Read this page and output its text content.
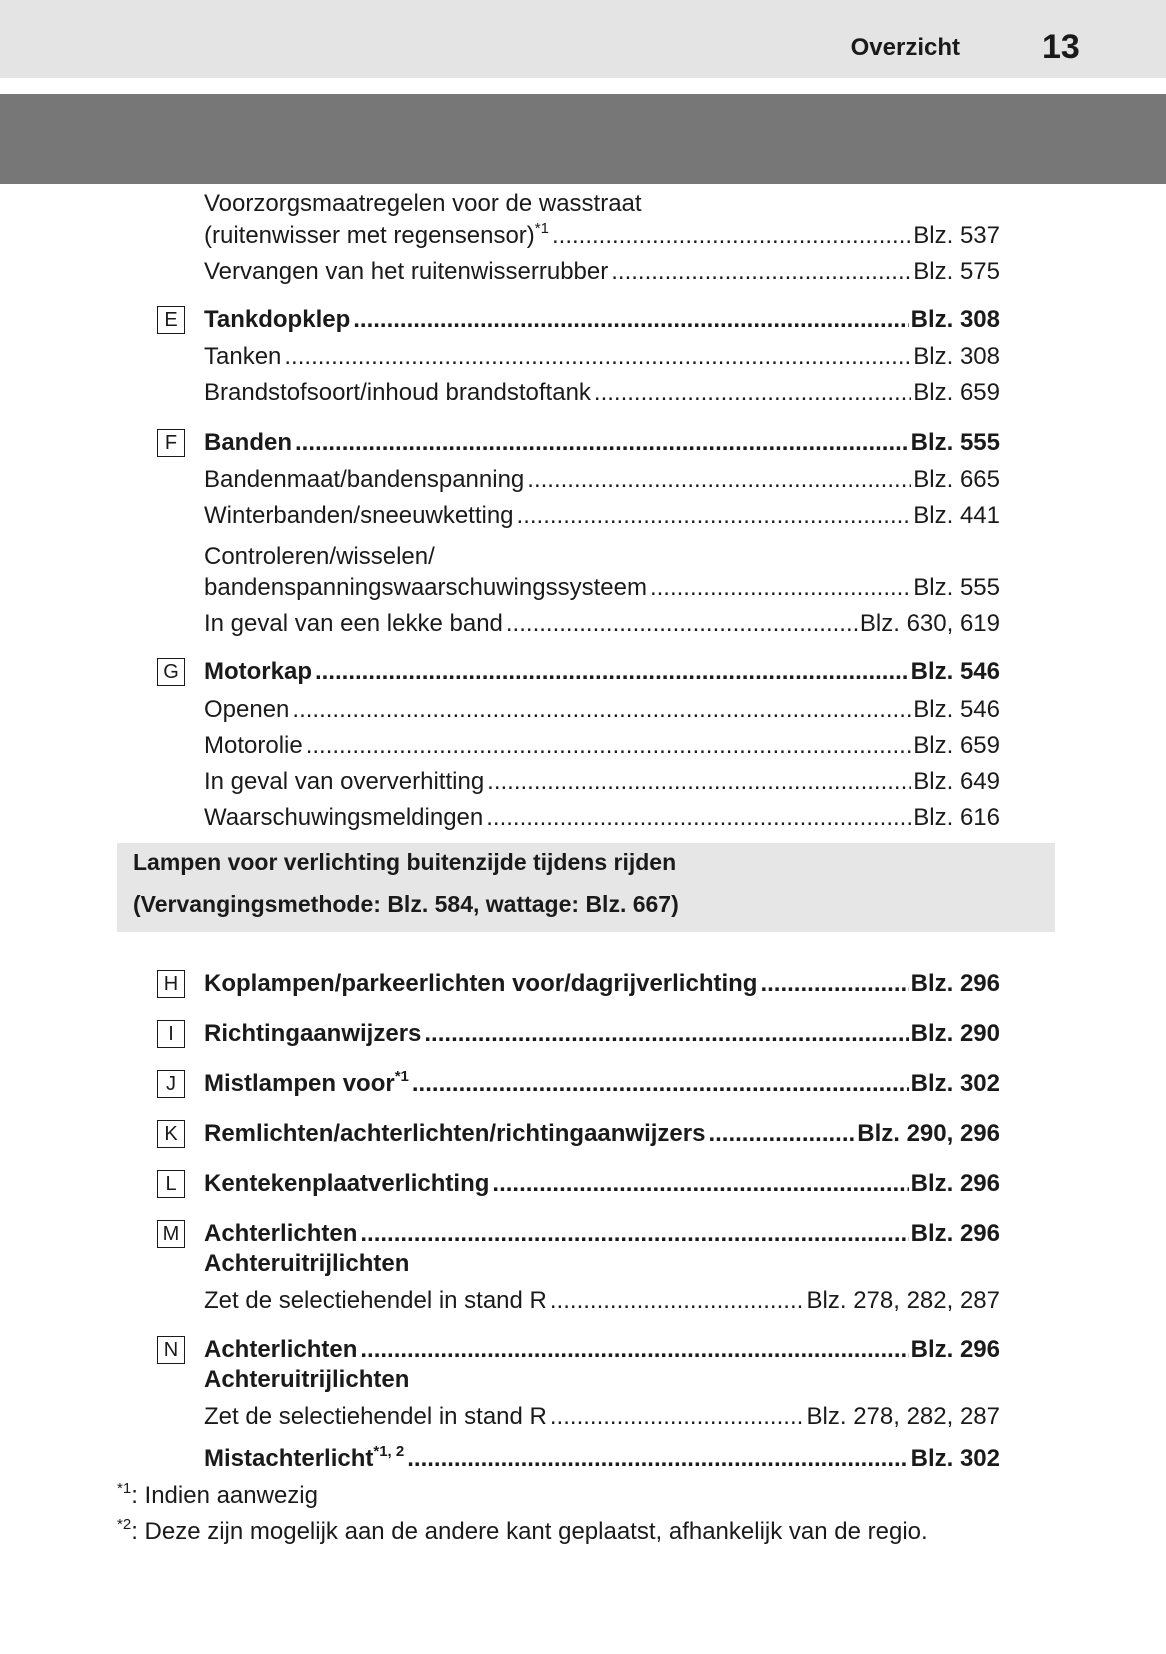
Overzicht 13
Voorzorgsmaatregelen voor de wasstraat
(ruitenwisser met regensensor)$^{*1}$ .....	Blz. 537
Vervangen van het ruitenwisserrubber .....	Blz. 575
E	Tankdopklep .....	Blz. 308
Tanken .....	Blz. 308
Brandstofsoort/inhoud brandstoftank .....	Blz. 659
F	Banden .....	Blz. 555
Bandenmaat/bandenspanning .....	Blz. 665
Winterbanden/sneeuwketting .....	Blz. 441
Controleren/wisselen/
bandenspanningswaarschuwingssysteem .....	Blz. 555
In geval van een lekke band .....	Blz. 630, 619
G Motorkap .....	Blz. 546
Openen .....	Blz. 546
Motorolie .....	Blz. 659
In geval van oververhitting .....	Blz. 649
Waarschuwingsmeldingen .....	Blz. 616
Lampen voor verlichting buitenzijde tijdens rijden
(Vervangingsmethode: Blz. 584, wattage: Blz. 667)
H Koplampen/parkeerlichten voor/dagrijverlichting .....	Blz. 296
I	Richtingaanwijzers .....	Blz. 290
J	Mistlampen voor$^{*1}$ .....	Blz. 302
K	Remlichten/achterlichten/richtingaanwijzers .....	Blz. 290, 296
L	Kentekenplaatverlichting .....	Blz. 296
M Achterlichten .....	Blz. 296
Achteruitrijlichten
Zet de selectiehendel in stand R .....	Blz. 278, 282, 287
N Achterlichten .....	Blz. 296
Achteruitrijlichten
Zet de selectiehendel in stand R .....	Blz. 278, 282, 287
Mistachterlicht$^{*1, 2}$ .....	Blz. 302
$^{*1}$: Indien aanwezig
$^{*2}$: Deze zijn mogelijk aan de andere kant geplaatst, afhankelijk van de regio.
